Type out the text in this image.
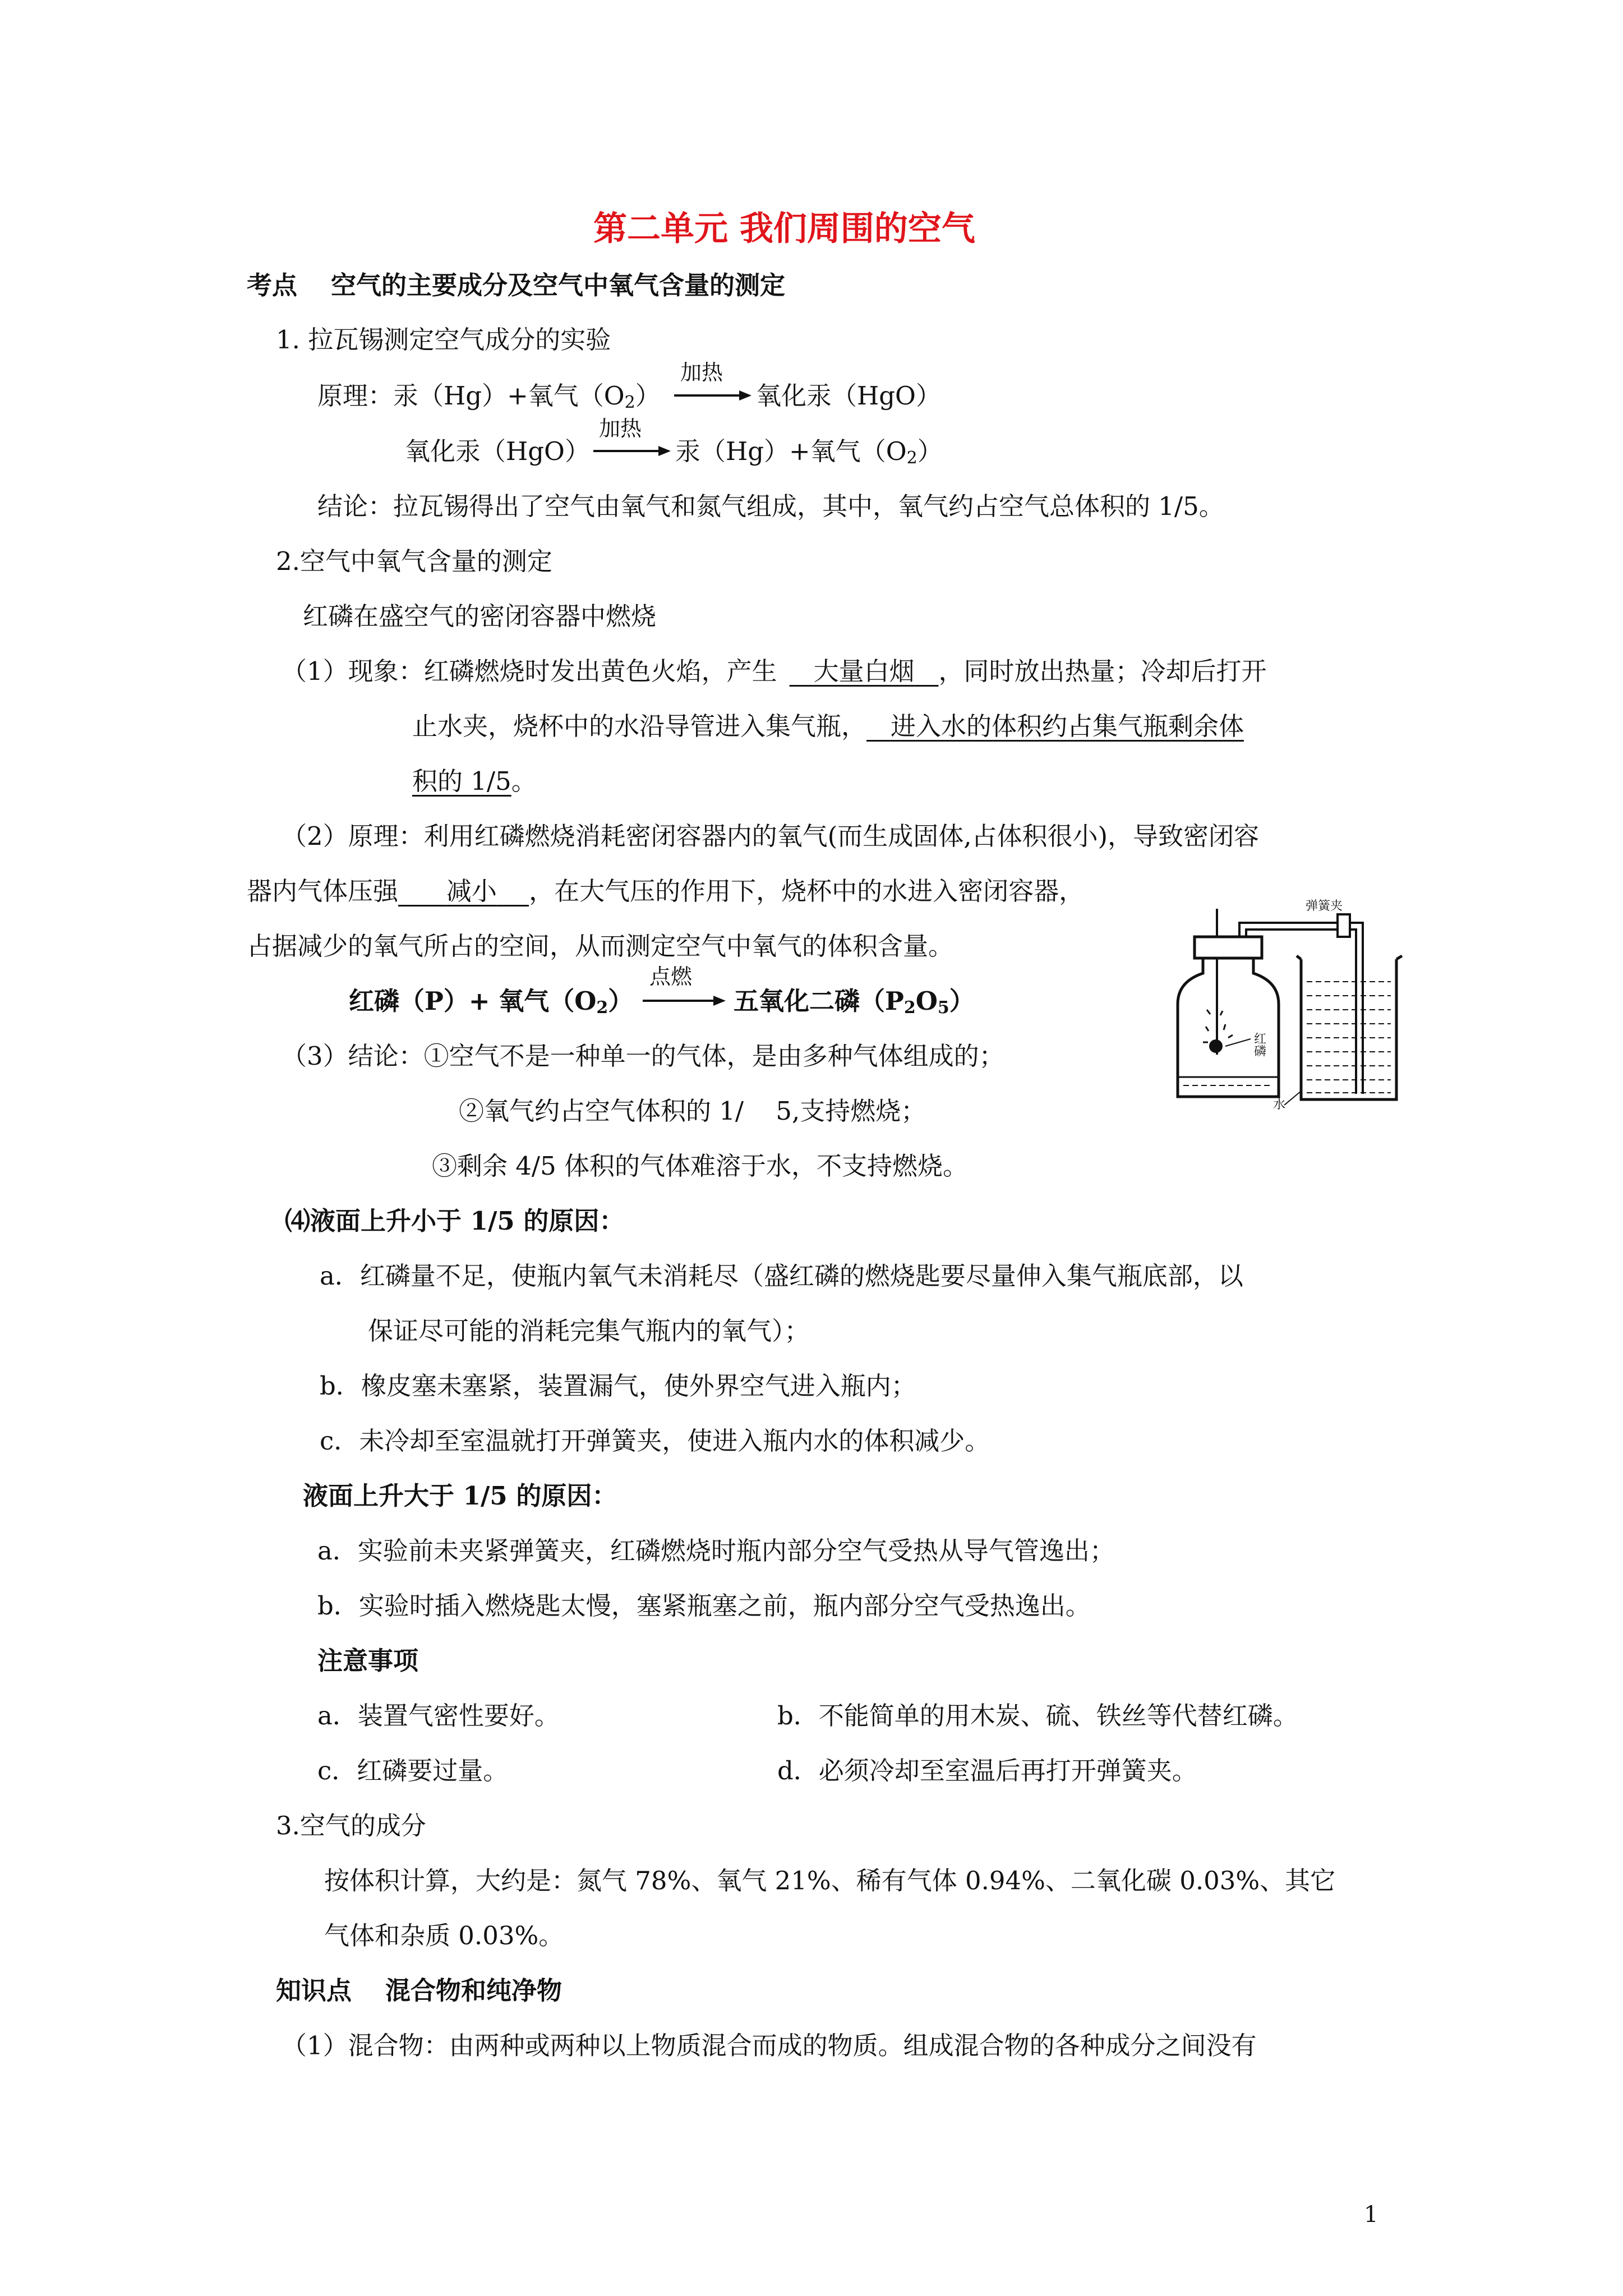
第二单元 我们周围的空气
考点 空气的主要成分及空气中氧气含量的测定
1. 拉瓦锡测定空气成分的实验
原理：汞（Hg）+氧气$(O_2)$
加热
→ 氧化汞（HgO）
氧化汞（HgO）
加热
→ 汞（Hg）+氧气$(O_2)$
结论：拉瓦锡得出了空气由氧气和氮气组成，其中，氧气约占空气总体积的 1/5。
2.空气中氧气含量的测定
红磷在盛空气的密闭容器中燃烧
（1）现象：红磷燃烧时发出黄色火焰，产生 大量白烟 ，同时放出热量；冷却后打开
止水夹，烧杯中的水沿导管进入集气瓶， 进入水的体积约占集气瓶剩余体
积的 1/5。
（2）原理：利用红磷燃烧消耗密闭容器内的氧气(而生成固体,占体积很小)，导致密闭容
器内气体压强 减小 ，在大气压的作用下，烧杯中的水进入密闭容器，
占据减少的氧气所占的空间，从而测定空气中氧气的体积含量。
红磷（P）+ 氧气$(O_2)$
点燃
→ 五氧化二磷$(P_2O_5)$
弹簧夹
红磷
水
（3）结论：①空气不是一种单一的气体，是由多种气体组成的；
②氧气约占空气体积的 1/    5,支持燃烧；
③剩余 4/5 体积的气体难溶于水，不支持燃烧。
⑷液面上升小于 1/5 的原因：
a．红磷量不足，使瓶内氧气未消耗尽（盛红磷的燃烧匙要尽量伸入集气瓶底部，以
保证尽可能的消耗完集气瓶内的氧气）；
b．橡皮塞未塞紧，装置漏气，使外界空气进入瓶内；
c．未冷却至室温就打开弹簧夹，使进入瓶内水的体积减少。
液面上升大于 1/5 的原因：
a．实验前未夹紧弹簧夹，红磷燃烧时瓶内部分空气受热从导气管逸出；
b．实验时插入燃烧匙太慢，塞紧瓶塞之前，瓶内部分空气受热逸出。
注意事项
a．装置气密性要好。	b．不能简单的用木炭、硫、铁丝等代替红磷。
c．红磷要过量。	d．必须冷却至室温后再打开弹簧夹。
3.空气的成分
按体积计算，大约是：氮气 78%、氧气 21%、稀有气体 0.94%、二氧化碳 0.03%、其它
气体和杂质 0.03%。
知识点 混合物和纯净物
（1）混合物：由两种或两种以上物质混合而成的物质。组成混合物的各种成分之间没有
1
